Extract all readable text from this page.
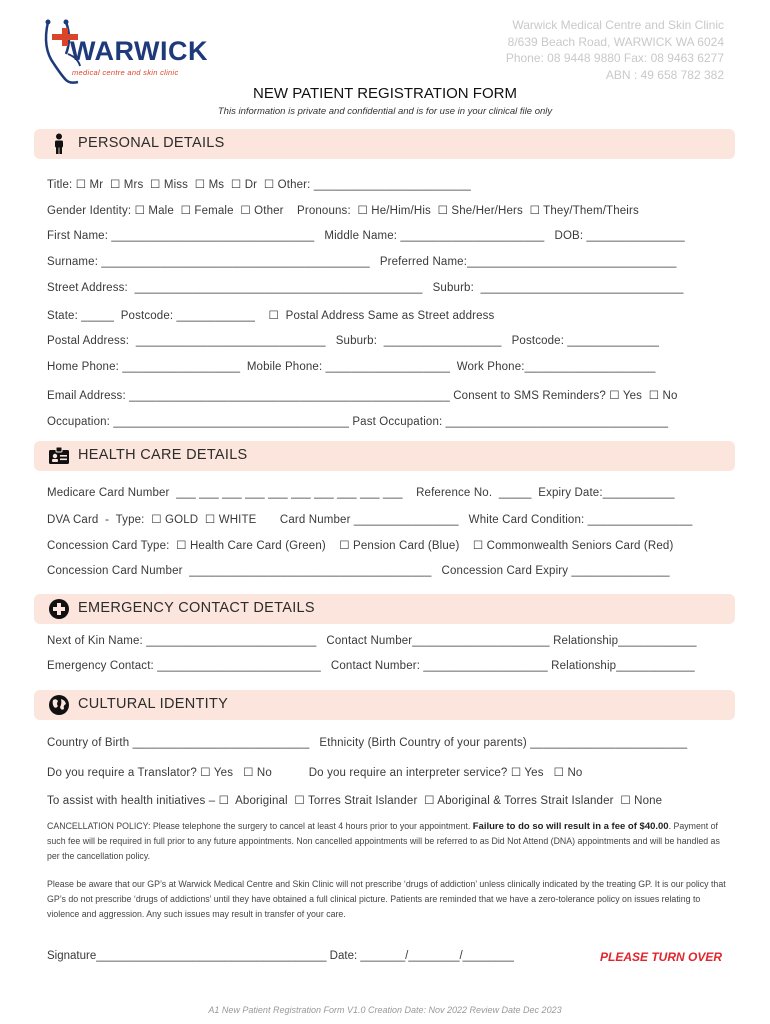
WARWICK
medical centre and skin clinic
Warwick Medical Centre and Skin Clinic
8/639 Beach Road, WARWICK WA 6024
Phone: 08 9448 9880 Fax: 08 9463 6277
ABN : 49 658 782 382
NEW PATIENT REGISTRATION FORM
This information is private and confidential and is for use in your clinical file only
PERSONAL DETAILS
Title: ☐ Mr  ☐ Mrs  ☐ Miss  ☐ Ms  ☐ Dr  ☐ Other: ________________________
Gender Identity: ☐ Male  ☐ Female  ☐ Other    Pronouns:  ☐ He/Him/His  ☐ She/Her/Hers  ☐ They/Them/Theirs
First Name: _______________________________   Middle Name: ______________________   DOB: _______________
Surname: _________________________________________   Preferred Name:________________________________
Street Address:  ____________________________________________   Suburb:  _______________________________
State: _____  Postcode: ____________    ☐  Postal Address Same as Street address
Postal Address:  _____________________________   Suburb:  __________________   Postcode: ______________
Home Phone: __________________  Mobile Phone: ___________________  Work Phone:____________________
Email Address: _________________________________________________ Consent to SMS Reminders? ☐ Yes  ☐ No
Occupation: ____________________________________ Past Occupation: __________________________________
HEALTH CARE DETAILS
Medicare Card Number  ___ ___ ___ ___ ___ ___ ___ ___ ___ ___    Reference No.  _____  Expiry Date:___________
DVA Card  -  Type:  ☐ GOLD  ☐ WHITE       Card Number ________________   White Card Condition: ________________
Concession Card Type:  ☐ Health Care Card (Green)    ☐ Pension Card (Blue)    ☐ Commonwealth Seniors Card (Red)
Concession Card Number  _____________________________________   Concession Card Expiry _______________
EMERGENCY CONTACT DETAILS
Next of Kin Name: __________________________   Contact Number_____________________ Relationship____________
Emergency Contact: _________________________   Contact Number: ___________________ Relationship____________
CULTURAL IDENTITY
Country of Birth ___________________________   Ethnicity (Birth Country of your parents) ________________________
Do you require a Translator? ☐ Yes   ☐ No           Do you require an interpreter service? ☐ Yes   ☐ No
To assist with health initiatives – ☐  Aboriginal  ☐ Torres Strait Islander  ☐ Aboriginal & Torres Strait Islander  ☐ None
CANCELLATION POLICY: Please telephone the surgery to cancel at least 4 hours prior to your appointment. Failure to do so will result in a fee of $40.00. Payment of such fee will be required in full prior to any future appointments. Non cancelled appointments will be referred to as Did Not Attend (DNA) appointments and will be handled as per the cancellation policy.
Please be aware that our GP’s at Warwick Medical Centre and Skin Clinic will not prescribe ‘drugs of addiction’ unless clinically indicated by the treating GP. It is our policy that GP’s do not prescribe ‘drugs of addictions’ until they have obtained a full clinical picture. Patients are reminded that we have a zero-tolerance policy on issues relating to violence and aggression. Any such issues may result in transfer of your care.
Signature____________________________________ Date: _______/________/________	PLEASE TURN OVER
A1 New Patient Registration Form V1.0 Creation Date: Nov 2022 Review Date Dec 2023
